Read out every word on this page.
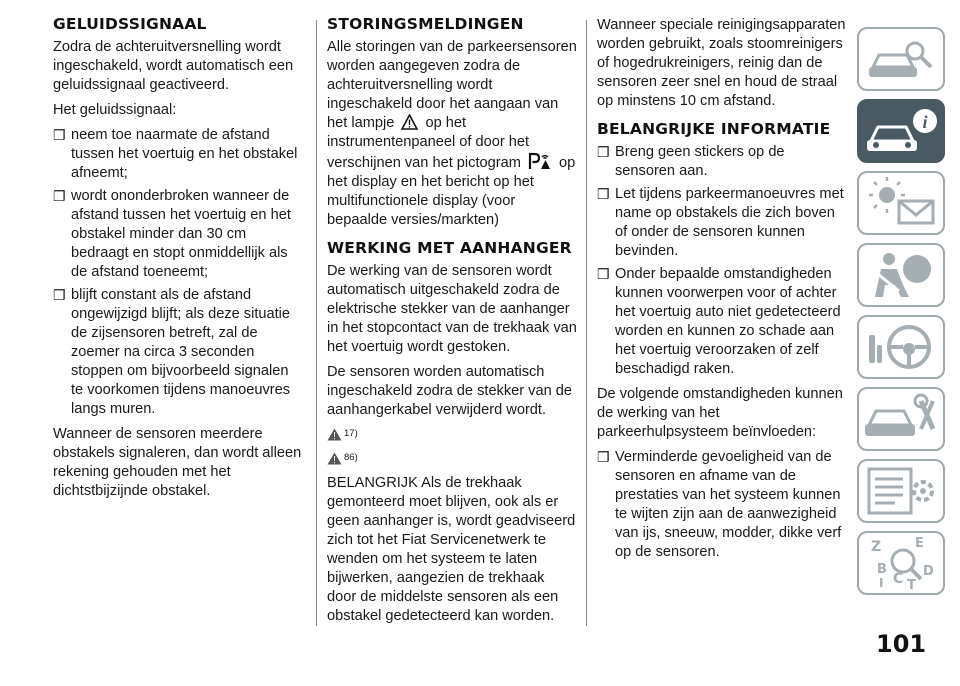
GELUIDSSIGNAAL

Zodra de achteruitversnelling wordt ingeschakeld, wordt automatisch een geluidssignaal geactiveerd.

Het geluidssignaal:

❒ neem toe naarmate de afstand tussen het voertuig en het obstakel afneemt;
❒ wordt ononderbroken wanneer de afstand tussen het voertuig en het obstakel minder dan 30 cm bedraagt en stopt onmiddellijk als de afstand toeneemt;
❒ blijft constant als de afstand ongewijzigd blijft; als deze situatie de zijsensoren betreft, zal de zoemer na circa 3 seconden stoppen om bijvoorbeeld signalen te voorkomen tijdens manoeuvres langs muren.

Wanneer de sensoren meerdere obstakels signaleren, dan wordt alleen rekening gehouden met het dichtstbijzijnde obstakel.

STORINGSMELDINGEN

Alle storingen van de parkeersensoren worden aangegeven zodra de achteruitversnelling wordt ingeschakeld door het aangaan van het lampje op het instrumentenpaneel of door het verschijnen van het pictogram	op het display en het bericht op het multifunctionele display (voor bepaalde versies/markten)

WERKING MET AANHANGER

De werking van de sensoren wordt automatisch uitgeschakeld zodra de elektrische stekker van de aanhanger in het stopcontact van de trekhaak van het voertuig wordt gestoken.

De sensoren worden automatisch ingeschakeld zodra de stekker van de aanhangerkabel verwijderd wordt.

17)
86)

BELANGRIJK Als de trekhaak gemonteerd moet blijven, ook als er geen aanhanger is, wordt geadviseerd zich tot het Fiat Servicenetwerk te wenden om het systeem te laten bijwerken, aangezien de trekhaak door de middelste sensoren als een obstakel gedetecteerd kan worden.

Wanneer speciale reinigingsapparaten worden gebruikt, zoals stoomreinigers of hogedrukreinigers, reinig dan de sensoren zeer snel en houd de straal op minstens 10 cm afstand.

BELANGRIJKE INFORMATIE
❒ Breng geen stickers op de sensoren aan.
❒ Let tijdens parkeermanoeuvres met name op obstakels die zich boven of onder de sensoren kunnen bevinden.
❒ Onder bepaalde omstandigheden kunnen voorwerpen voor of achter het voertuig auto niet gedetecteerd worden en kunnen zo schade aan het voertuig veroorzaken of zelf beschadigd raken.

De volgende omstandigheden kunnen de werking van het parkeerhulpsysteem beïnvloeden:

❒ Verminderde gevoeligheid van de sensoren en afname van de prestaties van het systeem kunnen te wijten zijn aan de aanwezigheid van ijs, sneeuw, modder, dikke verf op de sensoren.
i
Z	E
B	D
C
I T
101
